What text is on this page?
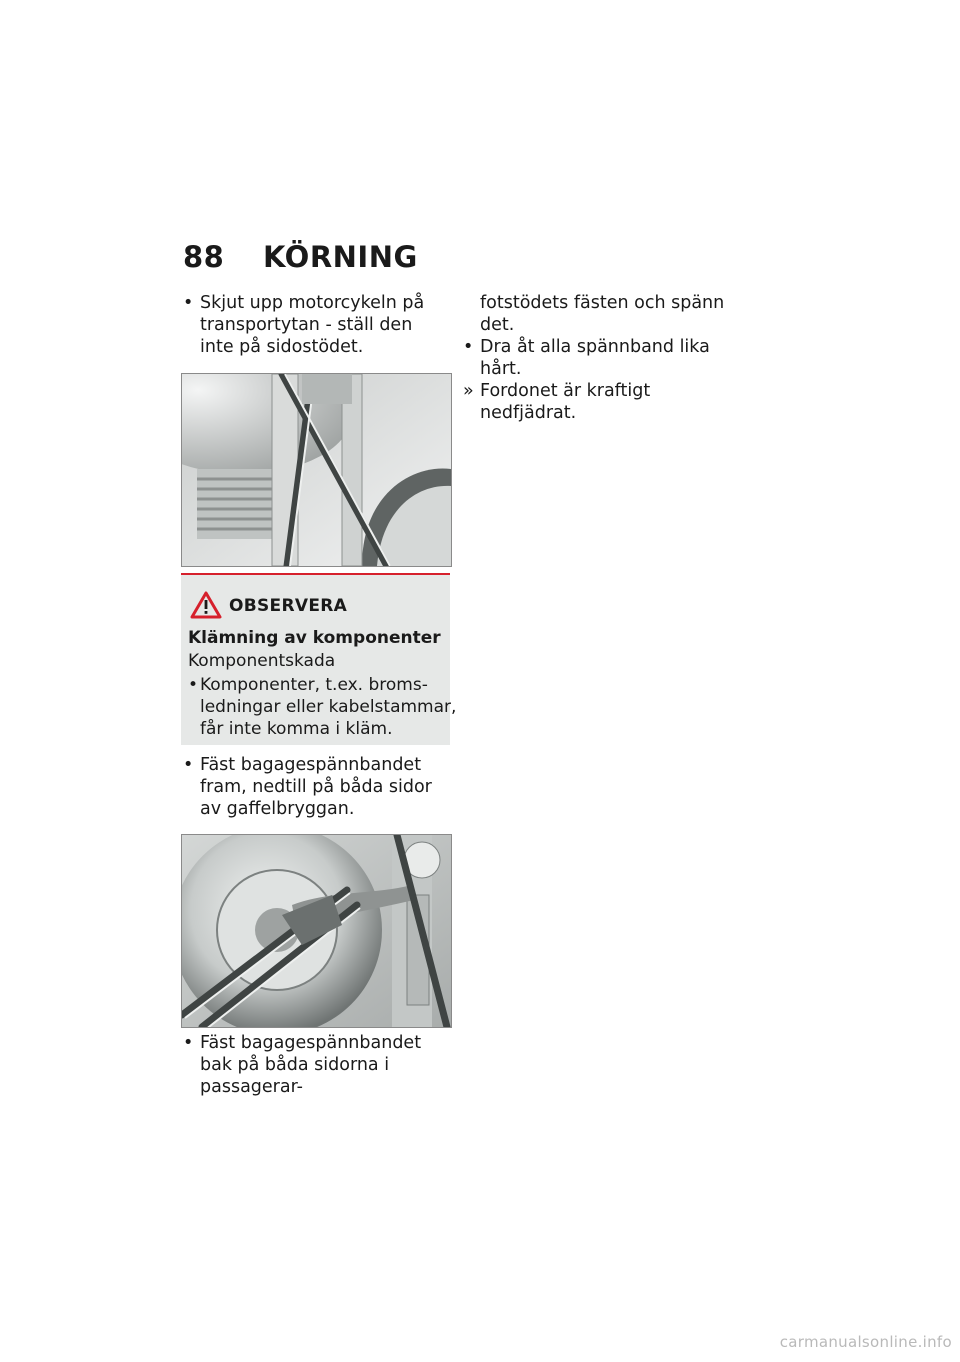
88 KÖRNING

• Skjut upp motorcykeln på transportytan - ställ den inte på sidostödet.

OBSERVERA
Klämning av komponenter
Komponentskada

• Komponenter, t.ex. bromsledningar eller kabelstammar, får inte komma i kläm.

• Fäst bagagespännbandet fram, nedtill på båda sidor av gaffelbryggan.

• Fäst bagagespännbandet bak på båda sidorna i passagerar-

fotstödets fästen och spänn det.

• Dra åt alla spännband lika hårt.

» Fordonet är kraftigt nedfjädrat.

carmanualsonline.info
